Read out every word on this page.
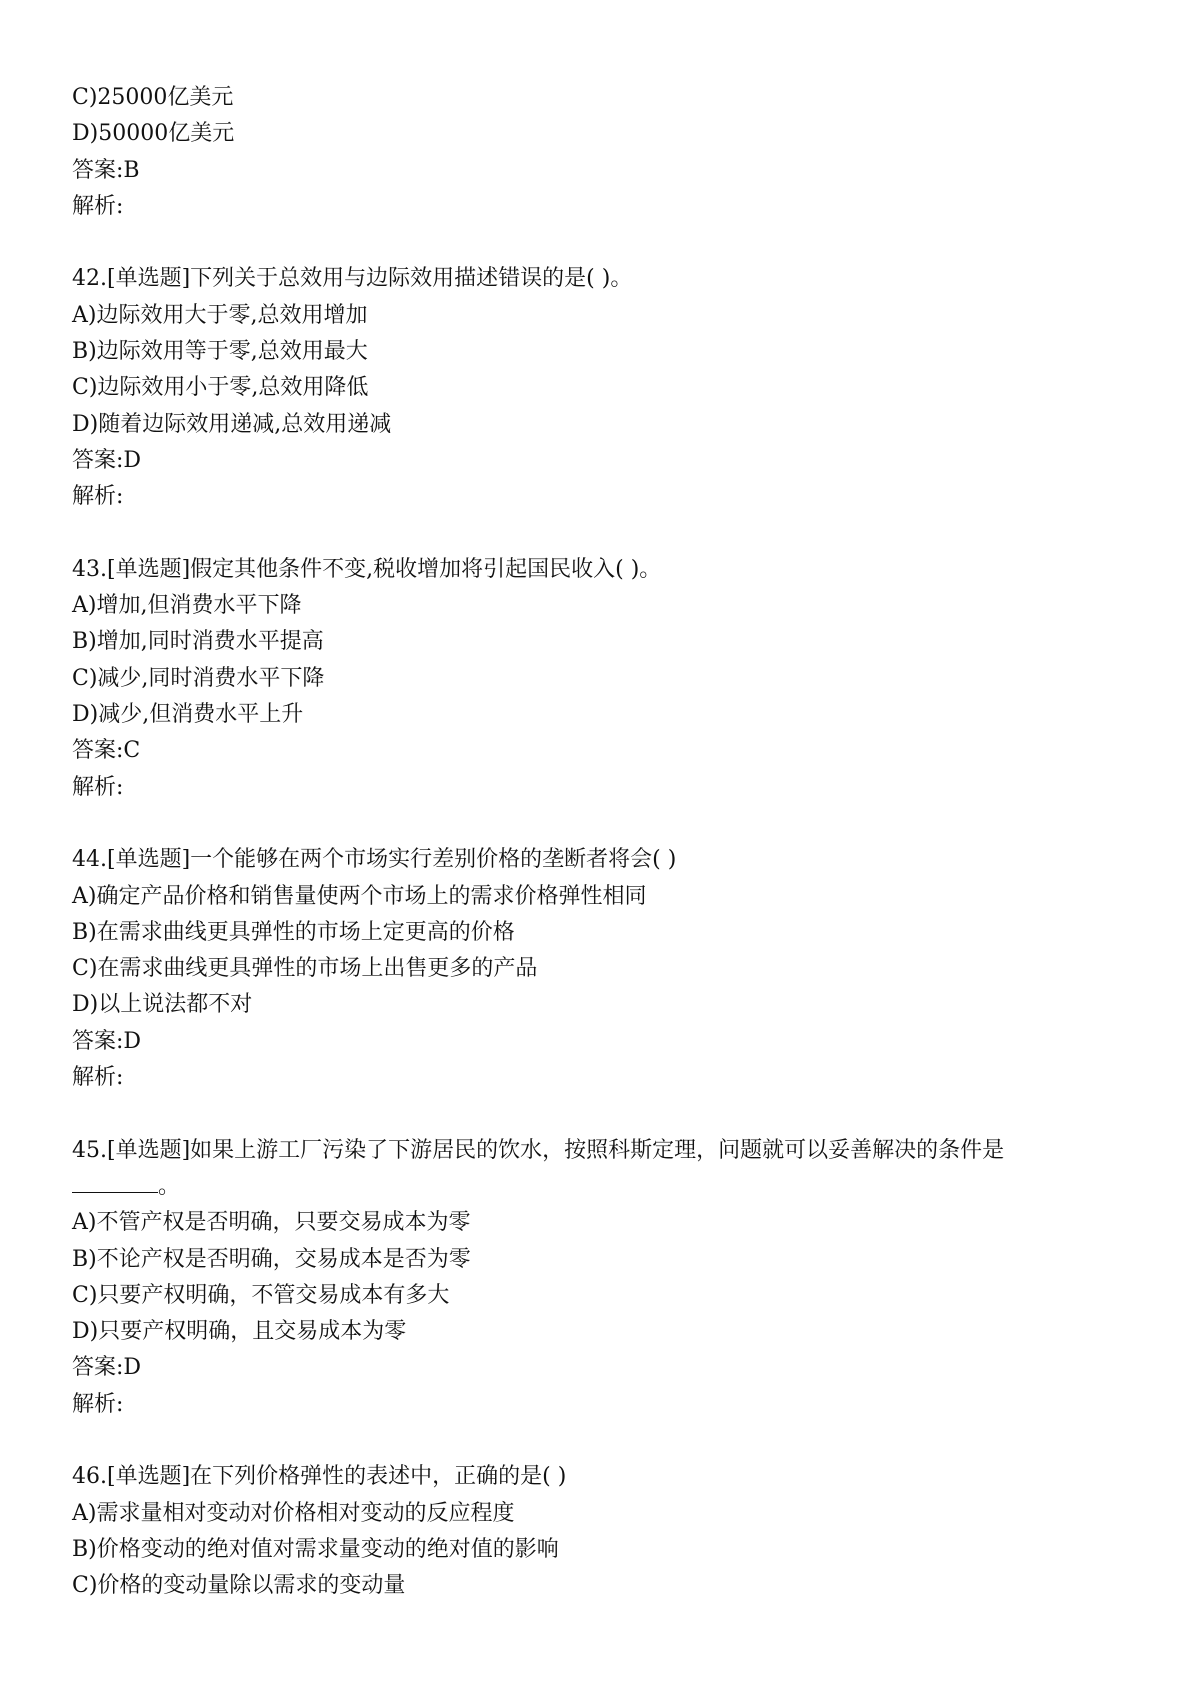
C)25000亿美元
D)50000亿美元
答案:B
解析:
42.[单选题]下列关于总效用与边际效用描述错误的是( )。
A)边际效用大于零,总效用增加
B)边际效用等于零,总效用最大
C)边际效用小于零,总效用降低
D)随着边际效用递减,总效用递减
答案:D
解析:
43.[单选题]假定其他条件不变,税收增加将引起国民收入( )。
A)增加,但消费水平下降
B)增加,同时消费水平提高
C)减少,同时消费水平下降
D)减少,但消费水平上升
答案:C
解析:
44.[单选题]一个能够在两个市场实行差别价格的垄断者将会( )
A)确定产品价格和销售量使两个市场上的需求价格弹性相同
B)在需求曲线更具弹性的市场上定更高的价格
C)在需求曲线更具弹性的市场上出售更多的产品
D)以上说法都不对
答案:D
解析:
45.[单选题]如果上游工厂污染了下游居民的饮水，按照科斯定理，问题就可以妥善解决的条件是
。
A)不管产权是否明确，只要交易成本为零
B)不论产权是否明确，交易成本是否为零
C)只要产权明确，不管交易成本有多大
D)只要产权明确，且交易成本为零
答案:D
解析:
46.[单选题]在下列价格弹性的表述中，正确的是( )
A)需求量相对变动对价格相对变动的反应程度
B)价格变动的绝对值对需求量变动的绝对值的影响
C)价格的变动量除以需求的变动量
